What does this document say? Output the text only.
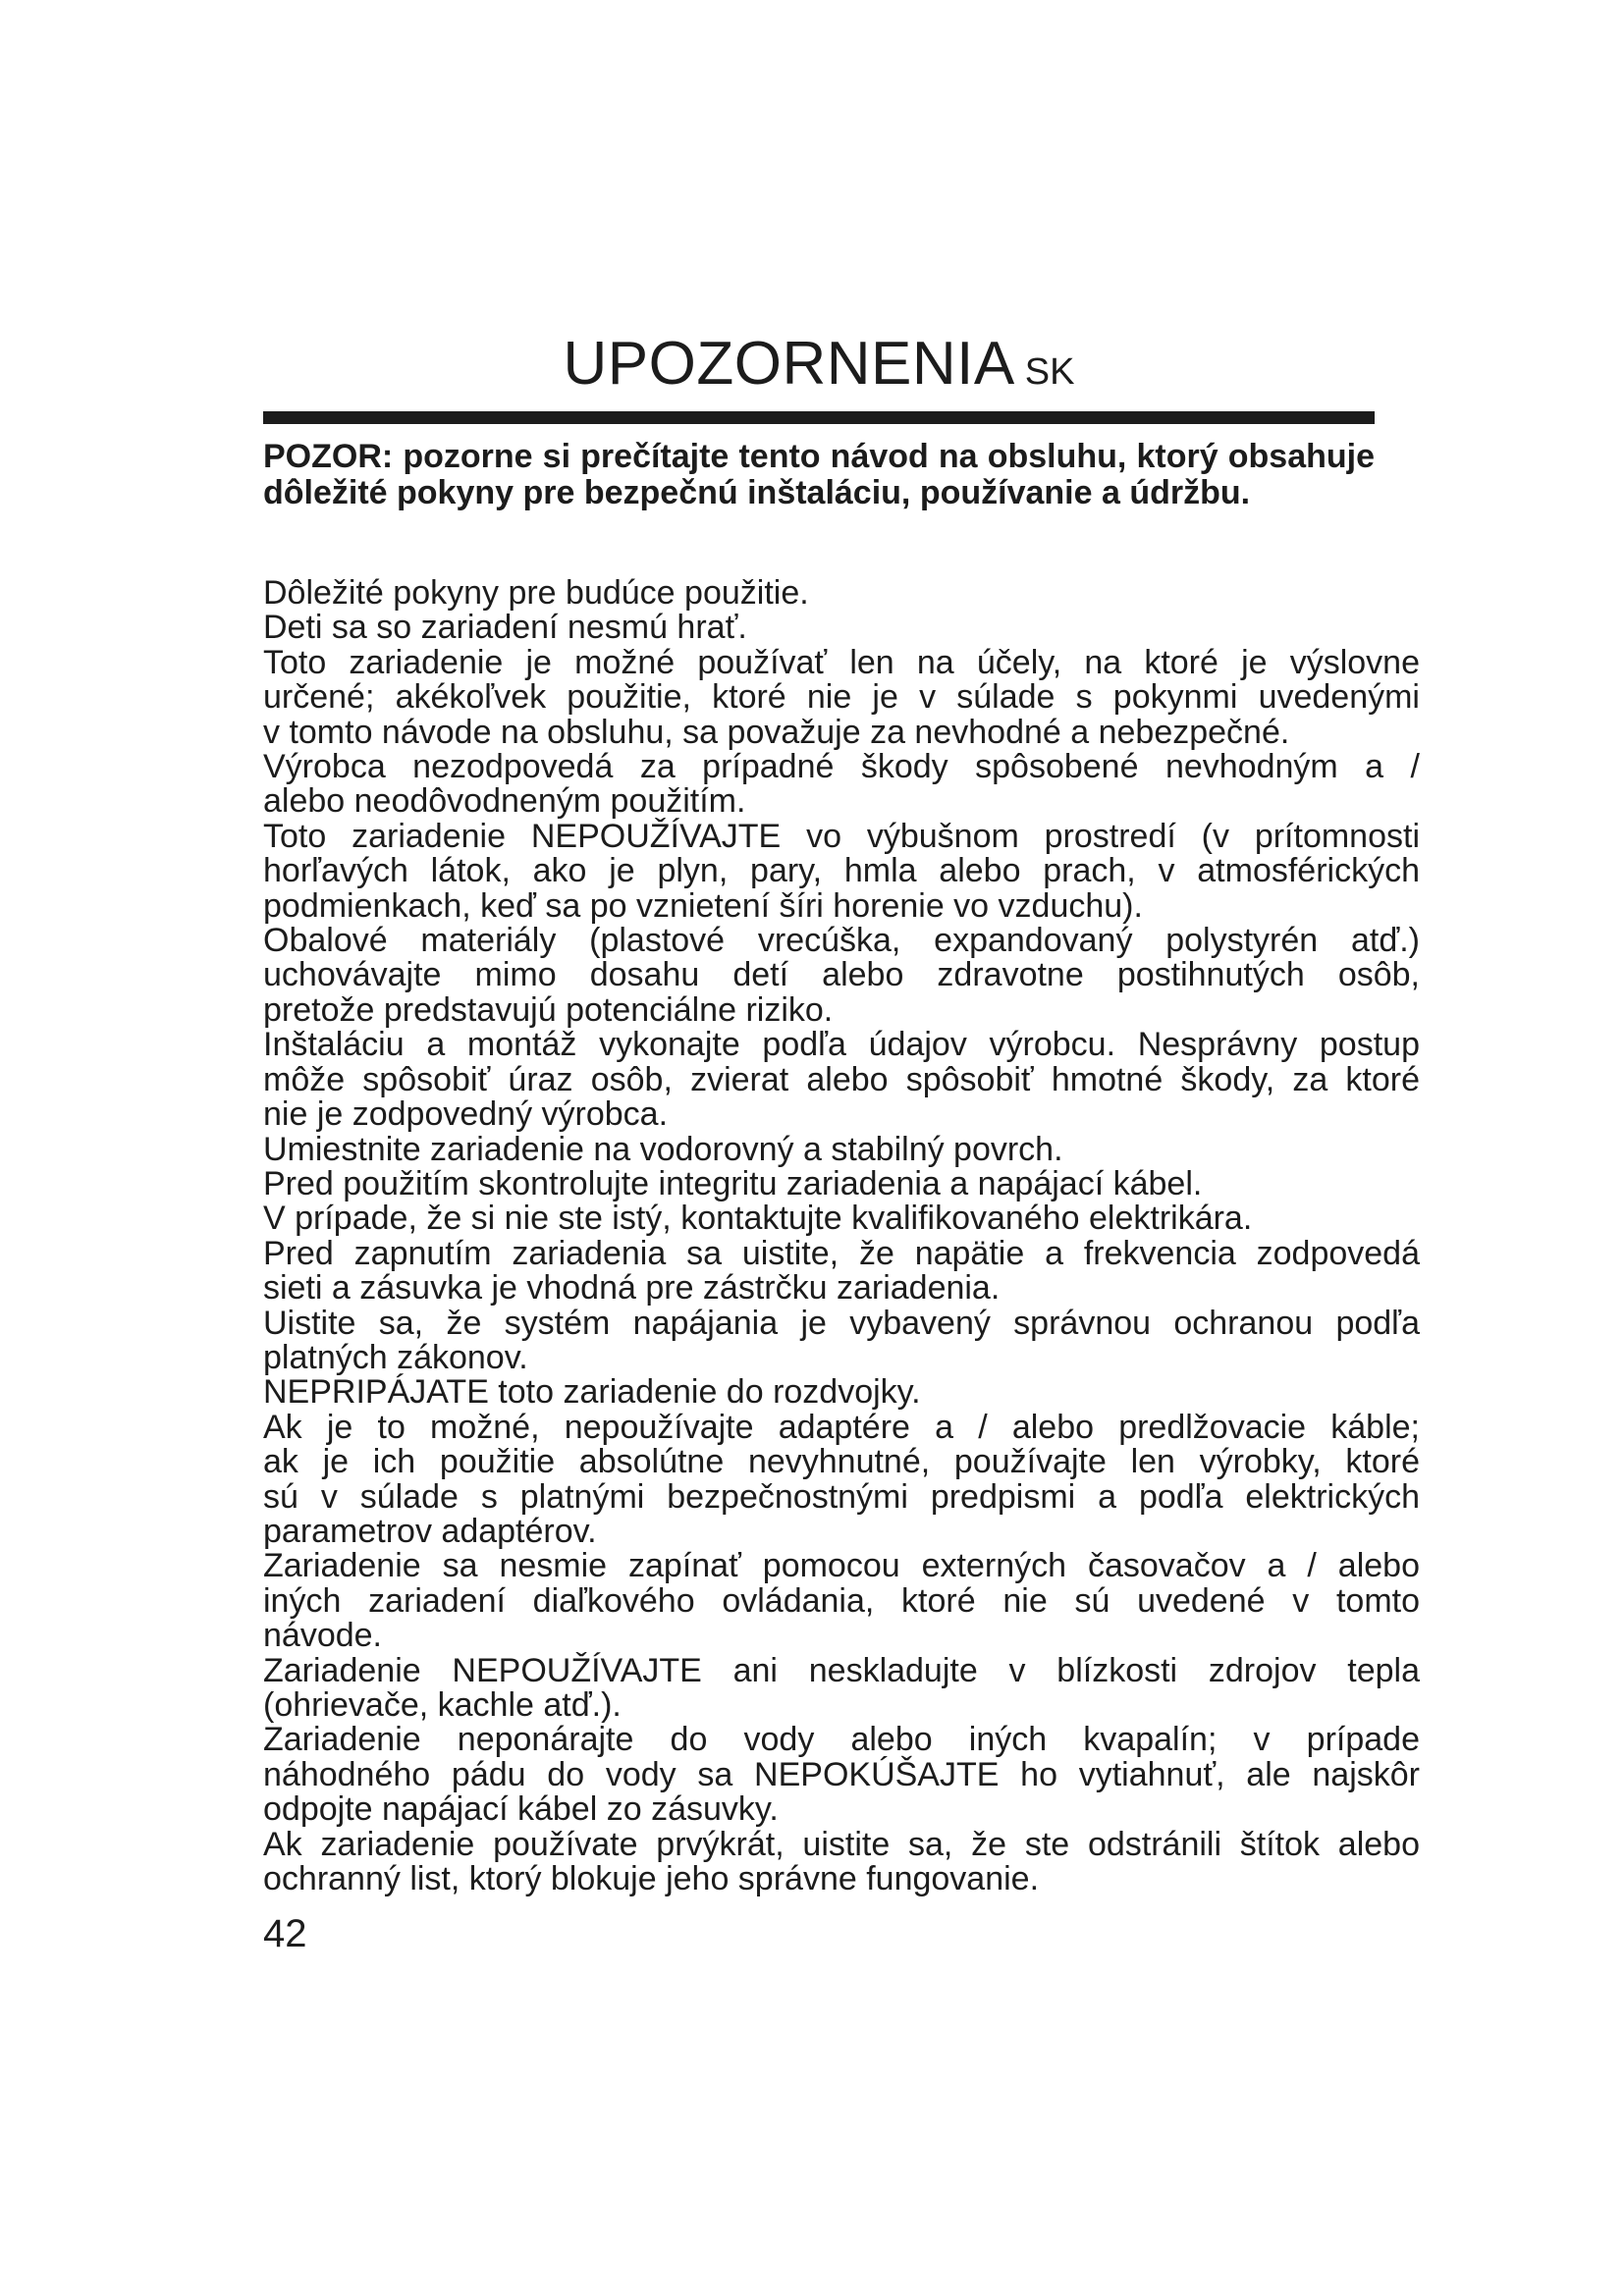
UPOZORNENIA SK
POZOR: pozorne si prečítajte tento návod na obsluhu, ktorý obsahuje dôležité pokyny pre bezpečnú inštaláciu, používanie a údržbu.

Dôležité pokyny pre budúce použitie.

Deti sa so zariadení nesmú hrať.

Toto zariadenie je možné používať len na účely, na ktoré je výslovne
určené; akékoľvek použitie, ktoré nie je v súlade s pokynmi uvedenými
v tomto návode na obsluhu, sa považuje za nevhodné a nebezpečné.

Výrobca nezodpovedá za prípadné škody spôsobené nevhodným a /
alebo neodôvodneným použitím.

Toto zariadenie NEPOUŽÍVAJTE vo výbušnom prostredí (v prítomnosti
horľavých látok, ako je plyn, pary, hmla alebo prach, v atmosférických
podmienkach, keď sa po vznietení šíri horenie vo vzduchu).

Obalové materiály (plastové vrecúška, expandovaný polystyrén atď.)
uchovávajte mimo dosahu detí alebo zdravotne postihnutých osôb,
pretože predstavujú potenciálne riziko.

Inštaláciu a montáž vykonajte podľa údajov výrobcu. Nesprávny postup
môže spôsobiť úraz osôb, zvierat alebo spôsobiť hmotné škody, za ktoré
nie je zodpovedný výrobca.

Umiestnite zariadenie na vodorovný a stabilný povrch.

Pred použitím skontrolujte integritu zariadenia a napájací kábel.

V prípade, že si nie ste istý, kontaktujte kvalifikovaného elektrikára.

Pred zapnutím zariadenia sa uistite, že napätie a frekvencia zodpovedá
sieti a zásuvka je vhodná pre zástrčku zariadenia.

Uistite sa, že systém napájania je vybavený správnou ochranou podľa
platných zákonov.

NEPRIPÁJATE toto zariadenie do rozdvojky.

Ak je to možné, nepoužívajte adaptére a / alebo predlžovacie káble;
ak je ich použitie absolútne nevyhnutné, používajte len výrobky, ktoré
sú v súlade s platnými bezpečnostnými predpismi a podľa elektrických
parametrov adaptérov.

Zariadenie sa nesmie zapínať pomocou externých časovačov a / alebo
iných zariadení diaľkového ovládania, ktoré nie sú uvedené v tomto
návode.

Zariadenie NEPOUŽÍVAJTE ani neskladujte v blízkosti zdrojov tepla
(ohrievače, kachle atď.).

Zariadenie neponárajte do vody alebo iných kvapalín; v prípade
náhodného pádu do vody sa NEPOKÚŠAJTE ho vytiahnuť, ale najskôr
odpojte napájací kábel zo zásuvky.

Ak zariadenie používate prvýkrát, uistite sa, že ste odstránili štítok alebo
ochranný list, ktorý blokuje jeho správne fungovanie.

42
